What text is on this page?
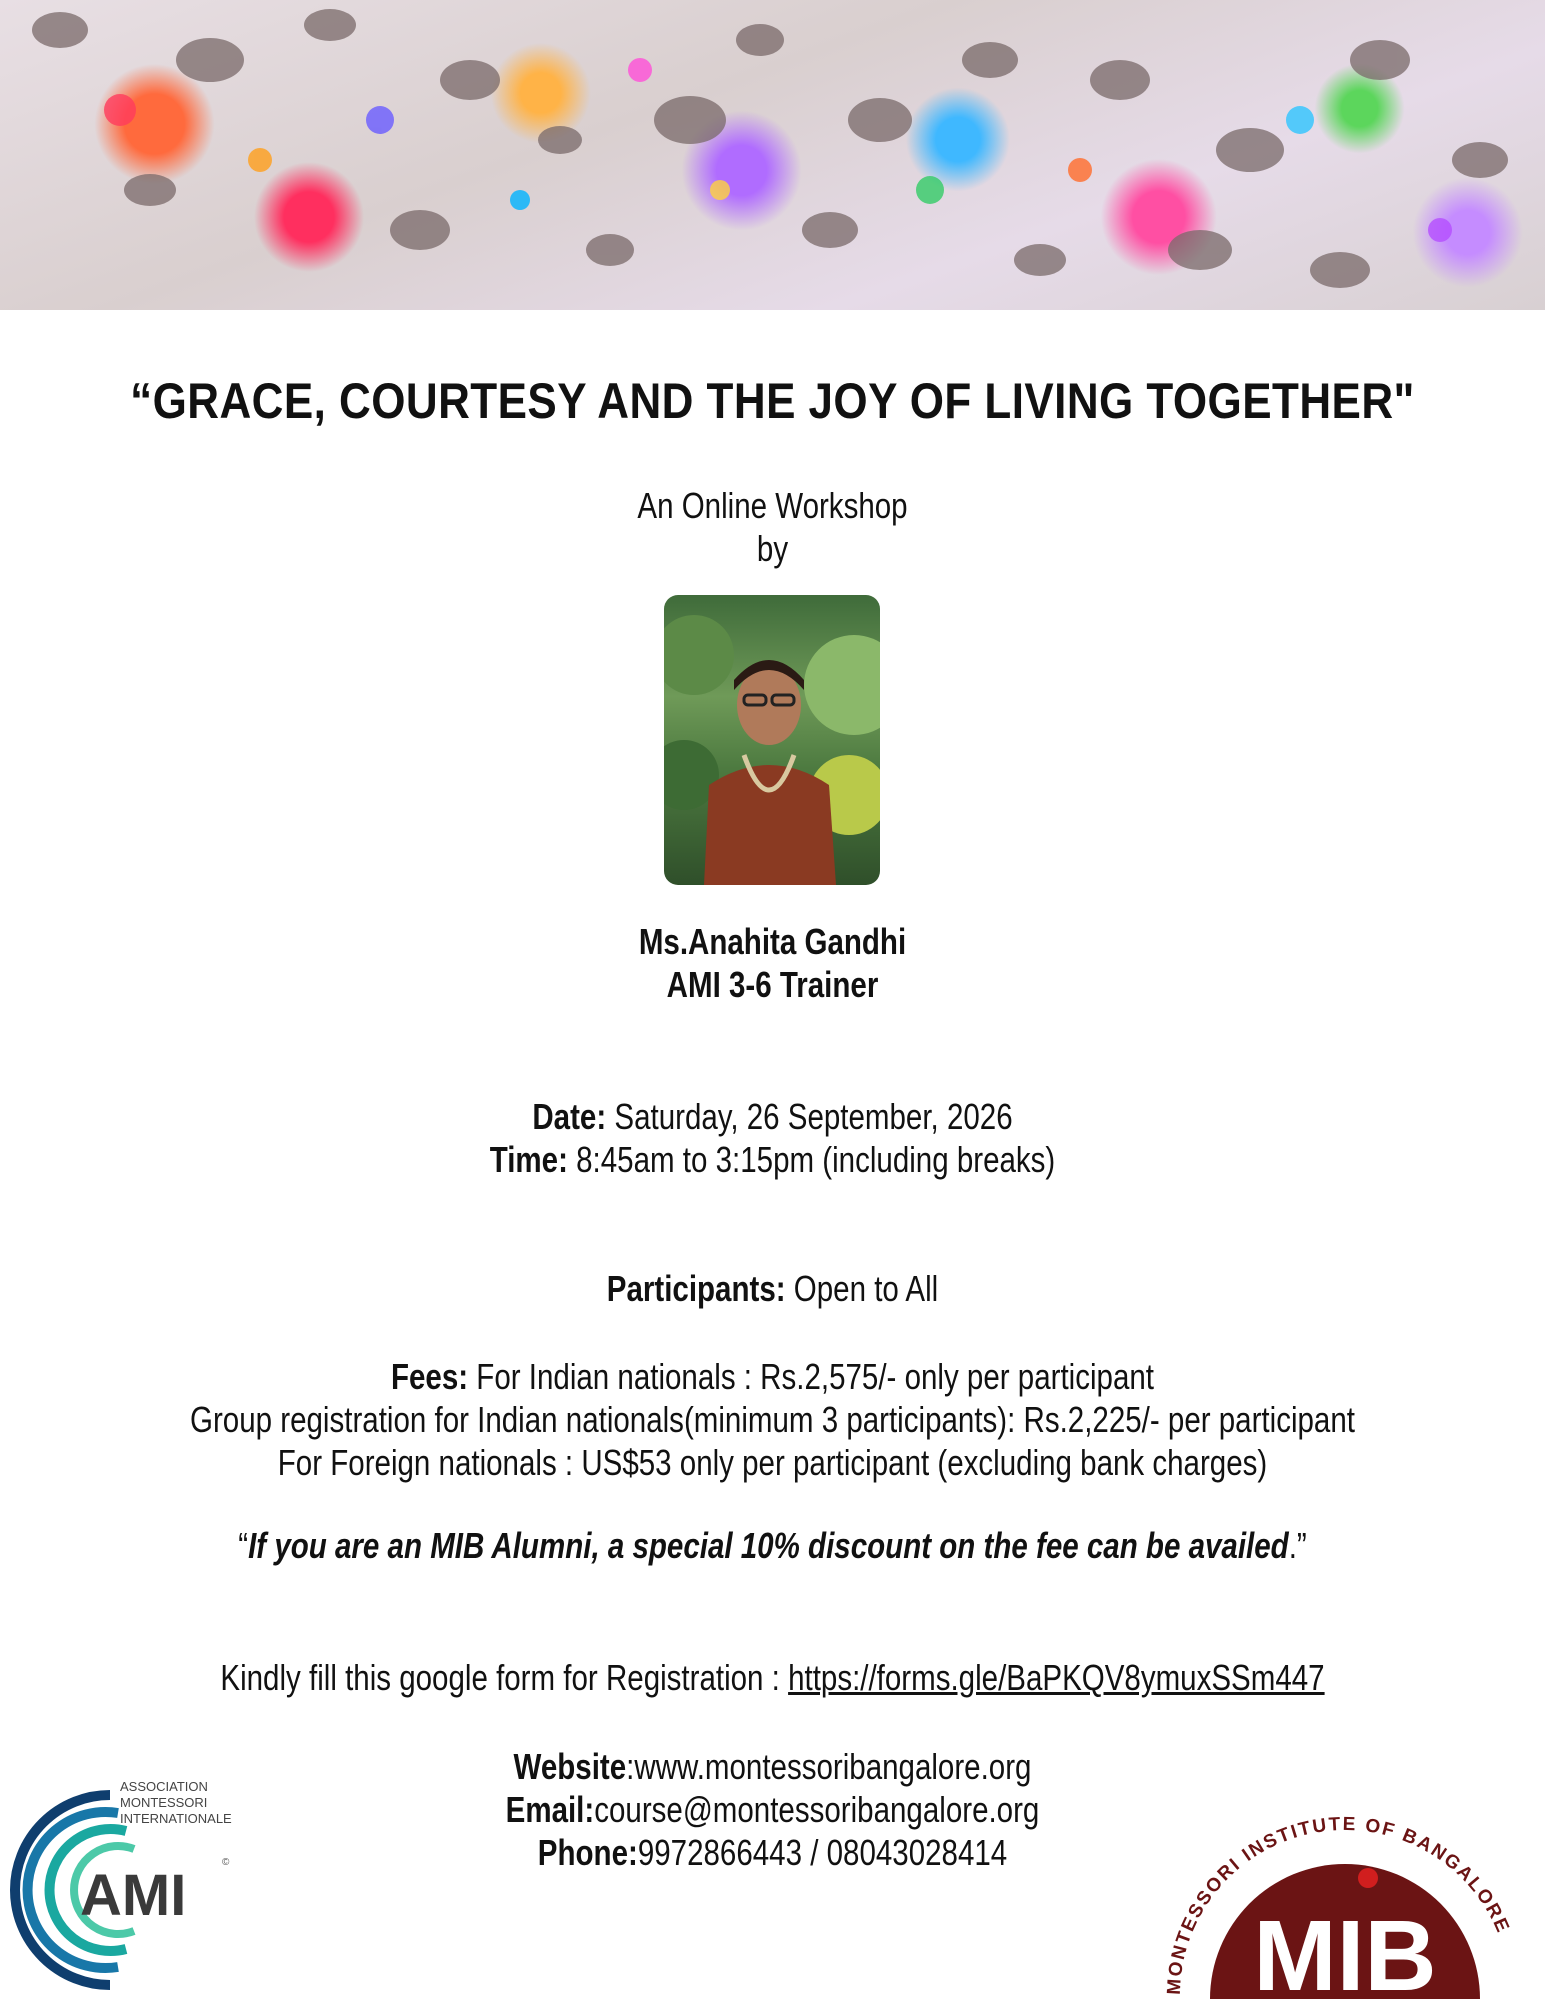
“GRACE, COURTESY AND THE JOY OF LIVING TOGETHER"
An Online Workshop
by
Ms.Anahita Gandhi
AMI 3-6 Trainer
Date: Saturday, 26 September, 2026
Time: 8:45am to 3:15pm (including breaks)
Participants: Open to All
Fees: For Indian nationals : Rs.2,575/- only per participant
Group registration for Indian nationals(minimum 3 participants): Rs.2,225/- per participant
For Foreign nationals : US$53 only per participant (excluding bank charges)
“If you are an MIB Alumni, a special 10% discount on the fee can be availed.”
Kindly fill this google form for Registration : https://forms.gle/BaPKQV8ymuxSSm447
Website:www.montessoribangalore.org
Email:course@montessoribangalore.org
Phone:9972866443 / 08043028414
ASSOCIATION
MONTESSORI
INTERNATIONALE
AMI
©
MONTESSORI INSTITUTE OF BANGALORE
MIB
